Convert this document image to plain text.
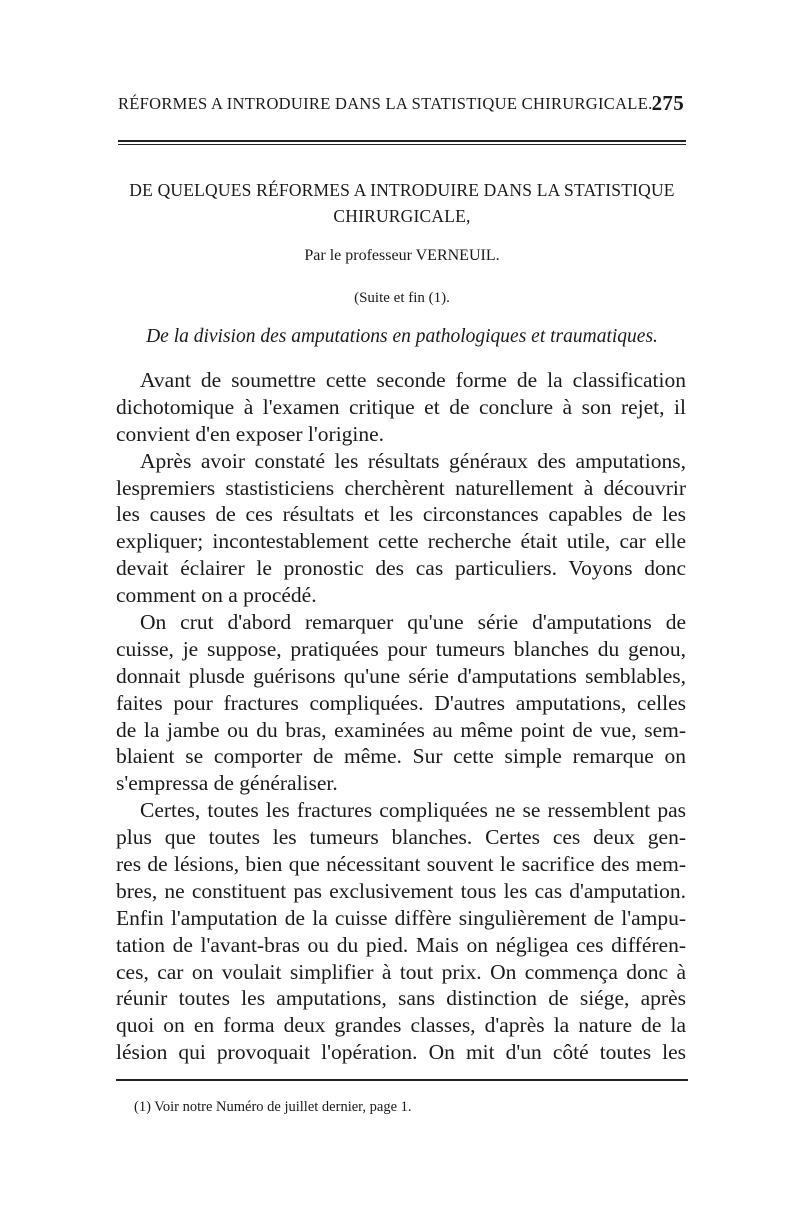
RÉFORMES A INTRODUIRE DANS LA STATISTIQUE CHIRURGICALE. 275
DE QUELQUES RÉFORMES A INTRODUIRE DANS LA STATISTIQUE
CHIRURGICALE,
Par le professeur VERNEUIL.
(Suite et fin (1).
De la division des amputations en pathologiques et traumatiques.
Avant de soumettre cette seconde forme de la classification
dichotomique à l'examen critique et de conclure à son rejet, il
convient d'en exposer l'origine.
Après avoir constaté les résultats généraux des amputations,
lespremiers stastisticiens cherchèrent naturellement à découvrir
les causes de ces résultats et les circonstances capables de les
expliquer; incontestablement cette recherche était utile, car elle
devait éclairer le pronostic des cas particuliers. Voyons donc
comment on a procédé.
On crut d'abord remarquer qu'une série d'amputations de
cuisse, je suppose, pratiquées pour tumeurs blanches du genou,
donnait plusde guérisons qu'une série d'amputations semblables,
faites pour fractures compliquées. D'autres amputations, celles
de la jambe ou du bras, examinées au même point de vue, sem-
blaient se comporter de même. Sur cette simple remarque on
s'empressa de généraliser.
Certes, toutes les fractures compliquées ne se ressemblent pas
plus que toutes les tumeurs blanches. Certes ces deux gen-
res de lésions, bien que nécessitant souvent le sacrifice des mem-
bres, ne constituent pas exclusivement tous les cas d'amputation.
Enfin l'amputation de la cuisse diffère singulièrement de l'ampu-
tation de l'avant-bras ou du pied. Mais on négligea ces différen-
ces, car on voulait simplifier à tout prix. On commença donc à
réunir toutes les amputations, sans distinction de siége, après
quoi on en forma deux grandes classes, d'après la nature de la
lésion qui provoquait l'opération. On mit d'un côté toutes les
(1) Voir notre Numéro de juillet dernier, page 1.
